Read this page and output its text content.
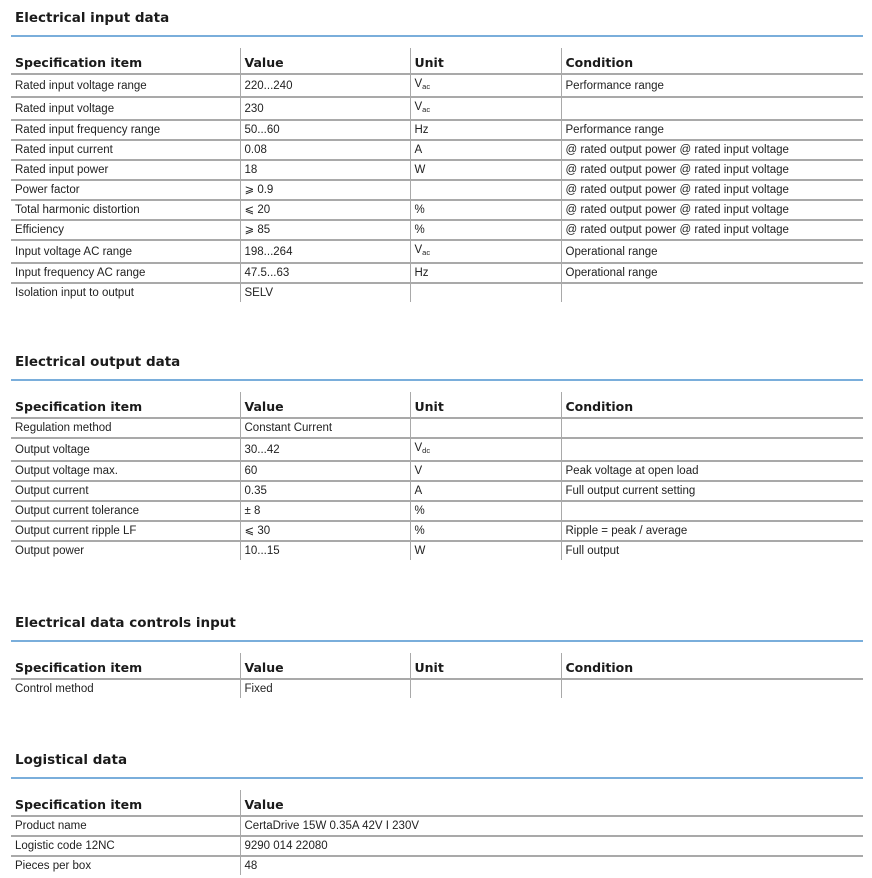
Electrical input data
Specification item	Value	Unit	Condition
Rated input voltage range	220...240	$V_{ac}$	Performance range
Rated input voltage	230	$V_{ac}$	
Rated input frequency range	50...60	Hz	Performance range
Rated input current	0.08	A	@ rated output power @ rated input voltage
Rated input power	18	W	@ rated output power @ rated input voltage
Power factor	⩾ 0.9		@ rated output power @ rated input voltage
Total harmonic distortion	⩽ 20	%	@ rated output power @ rated input voltage
Efficiency	⩾ 85	%	@ rated output power @ rated input voltage
Input voltage AC range	198...264	$V_{ac}$	Operational range
Input frequency AC range	47.5...63	Hz	Operational range
Isolation input to output	SELV		
Electrical output data
Specification item	Value	Unit	Condition
Regulation method	Constant Current		
Output voltage	30...42	$V_{dc}$	
Output voltage max.	60	V	Peak voltage at open load
Output current	0.35	A	Full output current setting
Output current tolerance	± 8	%	
Output current ripple LF	⩽ 30	%	Ripple = peak / average
Output power	10...15	W	Full output
Electrical data controls input
Specification item	Value	Unit	Condition
Control method	Fixed		
Logistical data
Specification item	Value
Product name	CertaDrive 15W 0.35A 42V I 230V
Logistic code 12NC	9290 014 22080
Pieces per box	48
